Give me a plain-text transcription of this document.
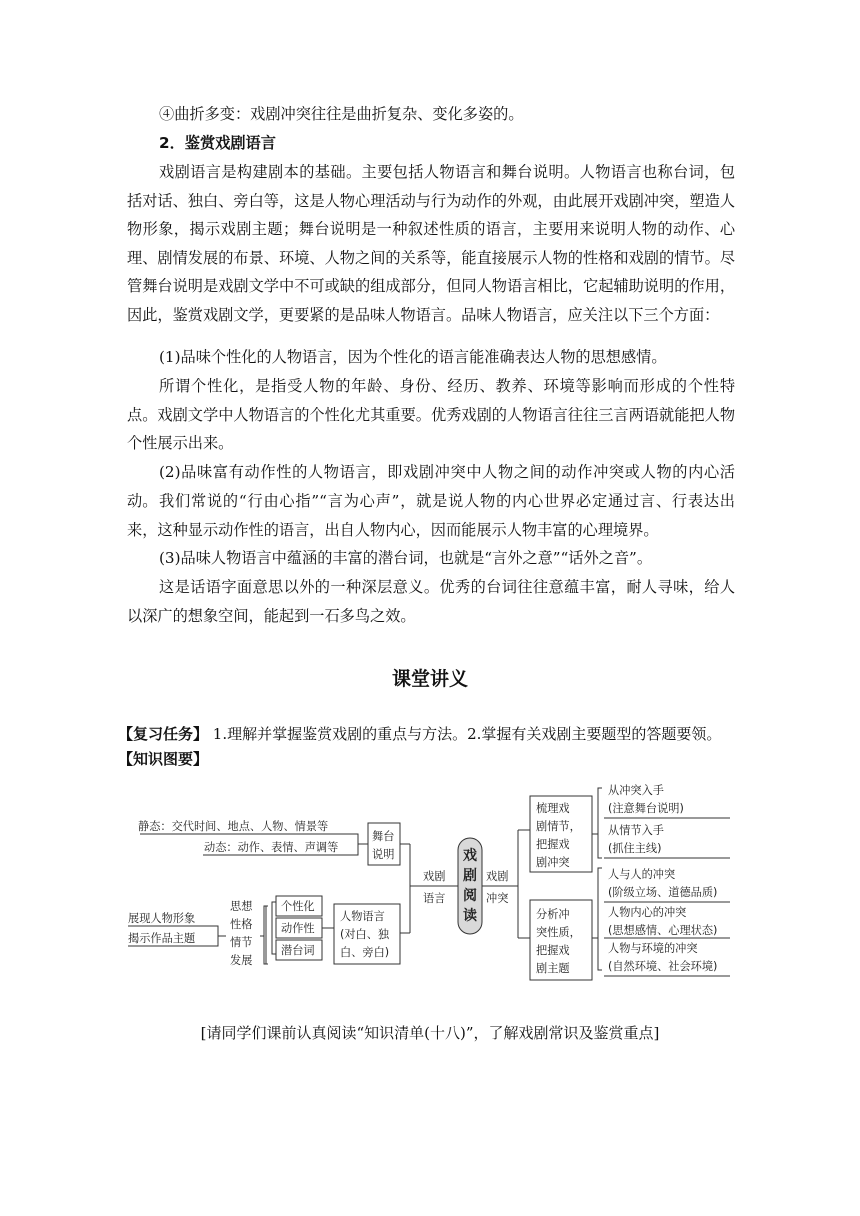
④曲折多变：戏剧冲突往往是曲折复杂、变化多姿的。
2．鉴赏戏剧语言
戏剧语言是构建剧本的基础。主要包括人物语言和舞台说明。人物语言也称台词，包括对话、独白、旁白等，这是人物心理活动与行为动作的外观，由此展开戏剧冲突，塑造人物形象，揭示戏剧主题；舞台说明是一种叙述性质的语言，主要用来说明人物的动作、心理、剧情发展的布景、环境、人物之间的关系等，能直接展示人物的性格和戏剧的情节。尽管舞台说明是戏剧文学中不可或缺的组成部分，但同人物语言相比，它起辅助说明的作用，因此，鉴赏戏剧文学，更要紧的是品味人物语言。品味人物语言，应关注以下三个方面：
(1)品味个性化的人物语言，因为个性化的语言能准确表达人物的思想感情。
所谓个性化，是指受人物的年龄、身份、经历、教养、环境等影响而形成的个性特点。戏剧文学中人物语言的个性化尤其重要。优秀戏剧的人物语言往往三言两语就能把人物个性展示出来。
(2)品味富有动作性的人物语言，即戏剧冲突中人物之间的动作冲突或人物的内心活动。 我们常说的“行由心指”“言为心声”，就是说人物的内心世界必定通过言、行表达出来，这种显示动作性的语言，出自人物内心，因而能展示人物丰富的心理境界。
(3)品味人物语言中蕴涵的丰富的潜台词，也就是“言外之意”“话外之音”。
这是话语字面意思以外的一种深层意义。优秀的台词往往意蕴丰富，耐人寻味，给人以深广的想象空间，能起到一石多鸟之效。
课堂讲义
【复习任务】 1.理解并掌握鉴赏戏剧的重点与方法。2.掌握有关戏剧主要题型的答题要领。
【知识图要】
静态：交代时间、地点、人物、情景等
动态：动作、表情、声调等
舞台
说明
戏剧
语言
戏
剧
阅
读
戏剧
冲突
梳理戏
剧情节，
把握戏
剧冲突
分析冲
突性质，
把握戏
剧主题
从冲突入手
(注意舞台说明)
从情节入手
(抓住主线)
人与人的冲突
(阶级立场、道德品质)
人物内心的冲突
(思想感情、心理状态)
人物与环境的冲突
(自然环境、社会环境)
展现人物形象
揭示作品主题
思想
性格
情节
发展
个性化
动作性
潜台词
人物语言
(对白、独
白、旁白)
[请同学们课前认真阅读“知识清单(十八)”，了解戏剧常识及鉴赏重点]
